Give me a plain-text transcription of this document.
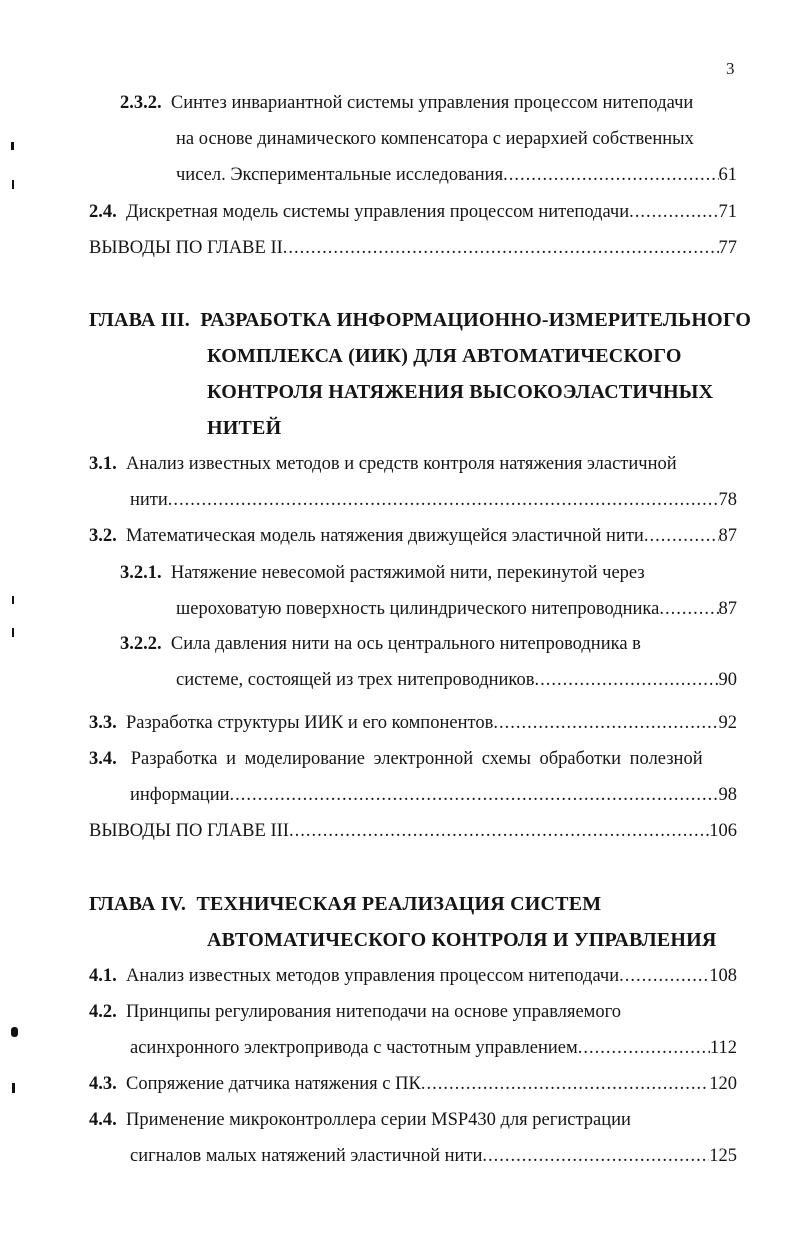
3
2.3.2. Синтез инвариантной системы управления процессом нитеподачи
на основе динамического компенсатора с иерархией собственных
чисел. Экспериментальные исследования .....	61
2.4. Дискретная модель системы управления процессом нитеподачи .....	71
ВЫВОДЫ ПО ГЛАВЕ II .....	77
ГЛАВА III. РАЗРАБОТКА ИНФОРМАЦИОННО-ИЗМЕРИТЕЛЬНОГО
КОМПЛЕКСА (ИИК) ДЛЯ АВТОМАТИЧЕСКОГО
КОНТРОЛЯ НАТЯЖЕНИЯ ВЫСОКОЭЛАСТИЧНЫХ
НИТЕЙ
3.1. Анализ известных методов и средств контроля натяжения эластичной
нити .....	78
3.2. Математическая модель натяжения движущейся эластичной нити .....	87
3.2.1. Натяжение невесомой растяжимой нити, перекинутой через
шероховатую поверхность цилиндрического нитепроводника .....	87
3.2.2. Сила давления нити на ось центрального нитепроводника в
системе, состоящей из трех нитепроводников .....	90
3.3. Разработка структуры ИИК и его компонентов .....	92
3.4. Разработка и моделирование электронной схемы обработки полезной
информации .....	98
ВЫВОДЫ ПО ГЛАВЕ III .....	106
ГЛАВА IV. ТЕХНИЧЕСКАЯ РЕАЛИЗАЦИЯ СИСТЕМ
АВТОМАТИЧЕСКОГО КОНТРОЛЯ И УПРАВЛЕНИЯ
4.1. Анализ известных методов управления процессом нитеподачи .....	108
4.2. Принципы регулирования нитеподачи на основе управляемого
асинхронного электропривода с частотным управлением .....	112
4.3. Сопряжение датчика натяжения с ПК .....	120
4.4. Применение микроконтроллера серии MSP430 для регистрации
сигналов малых натяжений эластичной нити .....	125
